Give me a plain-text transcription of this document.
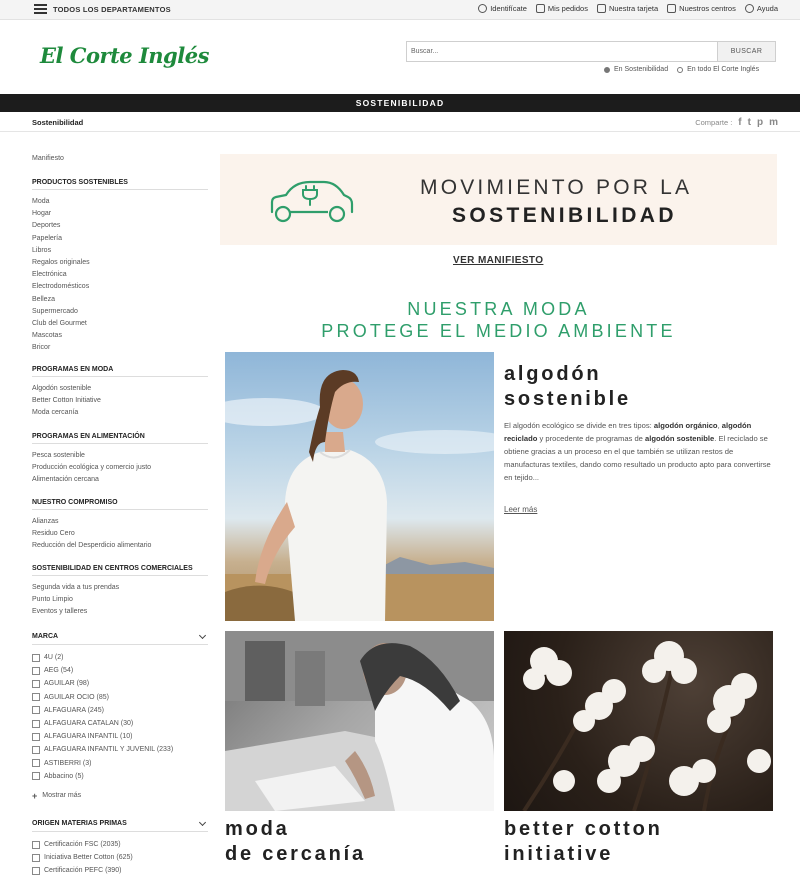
TODOS LOS DEPARTAMENTOS	Identifícate	Mis pedidos	Nuestra tarjeta	Nuestros centros	Ayuda
El Corte Inglés	Buscar...	BUSCAR
En Sostenibilidad	En todo El Corte Inglés
SOSTENIBILIDAD
Sostenibilidad	Comparte : f t p m
Manifiesto
PRODUCTOS SOSTENIBLES
Moda
Hogar
Deportes
Papelería
Libros
Regalos originales
Electrónica
Electrodomésticos
Belleza
Supermercado
Club del Gourmet
Mascotas
Bricor
PROGRAMAS EN MODA
Algodón sostenible
Better Cotton Initiative
Moda cercanía
PROGRAMAS EN ALIMENTACIÓN
Pesca sostenible
Producción ecológica y comercio justo
Alimentación cercana
NUESTRO COMPROMISO
Alianzas
Residuo Cero
Reducción del Desperdicio alimentario
SOSTENIBILIDAD EN CENTROS COMERCIALES
Segunda vida a tus prendas
Punto Limpio
Eventos y talleres
MARCA
4U (2)
AEG (54)
AGUILAR (98)
AGUILAR OCIO (85)
ALFAGUARA (245)
ALFAGUARA CATALAN (30)
ALFAGUARA INFANTIL (10)
ALFAGUARA INFANTIL Y JUVENIL (233)
ASTIBERRI (3)
Abbacino (5)
+ Mostrar más
ORIGEN MATERIAS PRIMAS
Certificación FSC (2035)
Iniciativa Better Cotton (625)
Certificación PEFC (390)
MOVIMIENTO POR LA
SOSTENIBILIDAD
VER MANIFIESTO
NUESTRA MODA
PROTEGE EL MEDIO AMBIENTE
algodón
sostenible
El algodón ecológico se divide en tres tipos: algodón orgánico, algodón reciclado y procedente de programas de algodón sostenible. El reciclado se obtiene gracias a un proceso en el que también se utilizan restos de manufacturas textiles, dando como resultado un producto apto para convertirse en tejido...
Leer más
moda
de cercanía
better cotton
initiative
